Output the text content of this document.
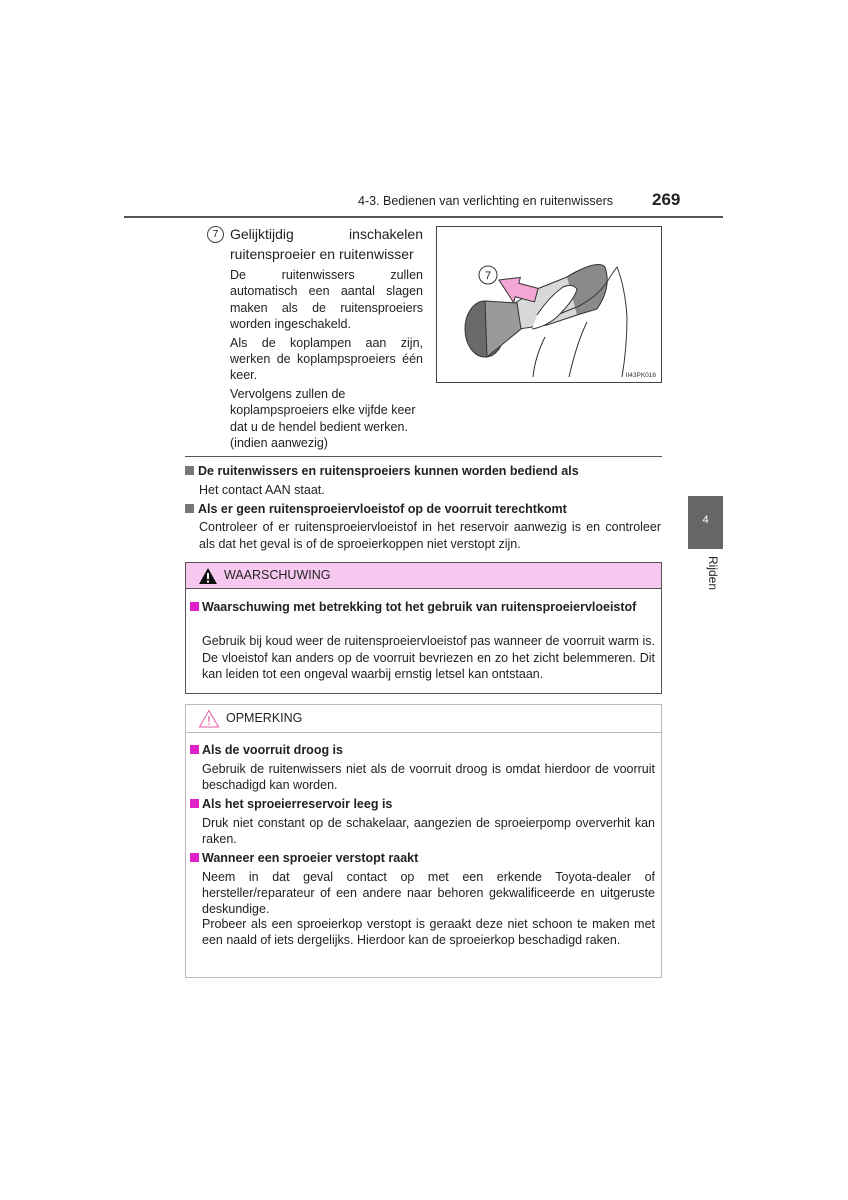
4-3. Bedienen van verlichting en ruitenwissers 269
4
Rijden
7 Gelijktijdig inschakelen ruitensproeier en ruitenwisser

De ruitenwissers zullen automatisch een aantal slagen maken als de ruitensproeiers worden ingeschakeld.

Als de koplampen aan zijn, werken de koplampsproeiers één keer.

Vervolgens zullen de koplampsproeiers elke vijfde keer dat u de hendel bedient werken. (indien aanwezig)

7
II43PK016
De ruitenwissers en ruitensproeiers kunnen worden bediend als
Het contact AAN staat.
Als er geen ruitensproeiervloeistof op de voorruit terechtkomt
Controleer of er ruitensproeiervloeistof in het reservoir aanwezig is en controleer als dat het geval is of de sproeierkoppen niet verstopt zijn.
WAARSCHUWING
Waarschuwing met betrekking tot het gebruik van ruitensproeiervloeistof
Gebruik bij koud weer de ruitensproeiervloeistof pas wanneer de voorruit warm is. De vloeistof kan anders op de voorruit bevriezen en zo het zicht belemmeren. Dit kan leiden tot een ongeval waarbij ernstig letsel kan ontstaan.
OPMERKING
Als de voorruit droog is
Gebruik de ruitenwissers niet als de voorruit droog is omdat hierdoor de voorruit beschadigd kan worden.
Als het sproeierreservoir leeg is
Druk niet constant op de schakelaar, aangezien de sproeierpomp oververhit kan raken.
Wanneer een sproeier verstopt raakt
Neem in dat geval contact op met een erkende Toyota-dealer of hersteller/reparateur of een andere naar behoren gekwalificeerde en uitgeruste deskundige.
Probeer als een sproeierkop verstopt is geraakt deze niet schoon te maken met een naald of iets dergelijks. Hierdoor kan de sproeierkop beschadigd raken.
